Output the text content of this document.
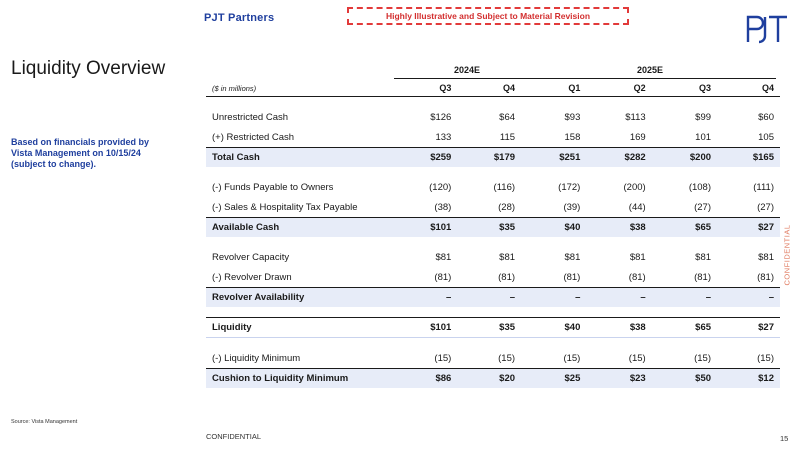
PJT Partners	Highly Illustrative and Subject to Material Revision
Liquidity Overview
Based on financials provided by Vista Management on 10/15/24 (subject to change).
Source: Vista Management
CONFIDENTIAL	15
CONFIDENTIAL
2024E	2025E
($ in millions)	Q3	Q4	Q1	Q2	Q3	Q4

Unrestricted Cash	$126	$64	$93	$113	$99	$60
(+) Restricted Cash	133	115	158	169	101	105
Total Cash	$259	$179	$251	$282	$200	$165

(-) Funds Payable to Owners	(120)	(116)	(172)	(200)	(108)	(111)
(-) Sales & Hospitality Tax Payable	(38)	(28)	(39)	(44)	(27)	(27)
Available Cash	$101	$35	$40	$38	$65	$27

Revolver Capacity	$81	$81	$81	$81	$81	$81
(-) Revolver Drawn	(81)	(81)	(81)	(81)	(81)	(81)
Revolver Availability	–	–	–	–	–	–

Liquidity	$101	$35	$40	$38	$65	$27

(-) Liquidity Minimum	(15)	(15)	(15)	(15)	(15)	(15)
Cushion to Liquidity Minimum	$86	$20	$25	$23	$50	$12
